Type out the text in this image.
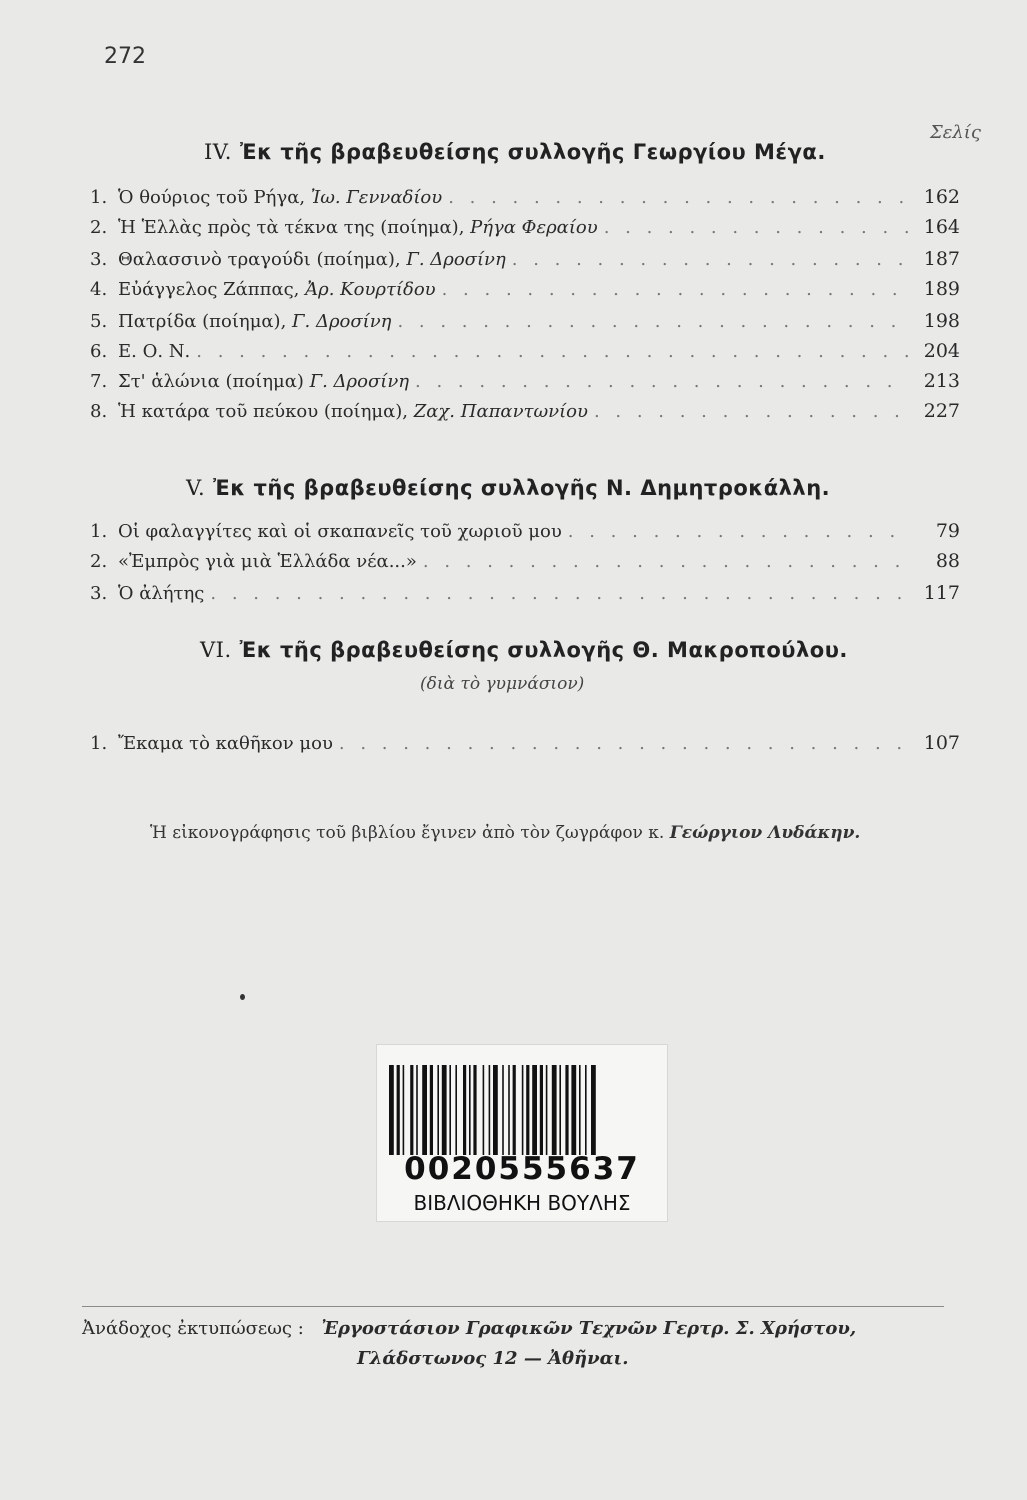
272
Σελίς
IV. Ἐκ τῆς βραβευθείσης συλλογῆς Γεωργίου Μέγα.
1. Ὁ θούριος τοῦ Ρήγα, Ἰω. Γενναδίου . . .	162
2. Ἡ Ἑλλὰς πρὸς τὰ τέκνα της (ποίημα), Ρήγα Φεραίου . . .	164
3. Θαλασσινὸ τραγούδι (ποίημα), Γ. Δροσίνη . . .	187
4. Εὐάγγελος Ζάππας, Ἀρ. Κουρτίδου . . .	189
5. Πατρίδα (ποίημα), Γ. Δροσίνη . . .	198
6. Ε. Ο. Ν. . . .	204
7. Στ' ἁλώνια (ποίημα) Γ. Δροσίνη . . .	213
8. Ἡ κατάρα τοῦ πεύκου (ποίημα), Ζαχ. Παπαντωνίου . . .	227
V. Ἐκ τῆς βραβευθείσης συλλογῆς Ν. Δημητροκάλλη.
1. Οἱ φαλαγγίτες καὶ οἱ σκαπανεῖς τοῦ χωριοῦ μου . . .	79
2. «Ἐμπρὸς γιὰ μιὰ Ἑλλάδα νέα...» . . .	88
3. Ὁ ἀλήτης . . .	117
VI. Ἐκ τῆς βραβευθείσης συλλογῆς Θ. Μακροπούλου.
(διὰ τὸ γυμνάσιον)
1. Ἔκαμα τὸ καθῆκον μου . . .	107
Ἡ εἰκονογράφησις τοῦ βιβλίου ἔγινεν ἀπὸ τὸν ζωγράφον κ. Γεώργιον Λυδάκην.
0020555637
ΒΙΒΛΙΟΘΗΚΗ ΒΟΥΛΗΣ
Ἀνάδοχος ἐκτυπώσεως : Ἐργοστάσιον Γραφικῶν Τεχνῶν Γερτρ. Σ. Χρήστου,
Γλάδστωνος 12 — Ἀθῆναι.
